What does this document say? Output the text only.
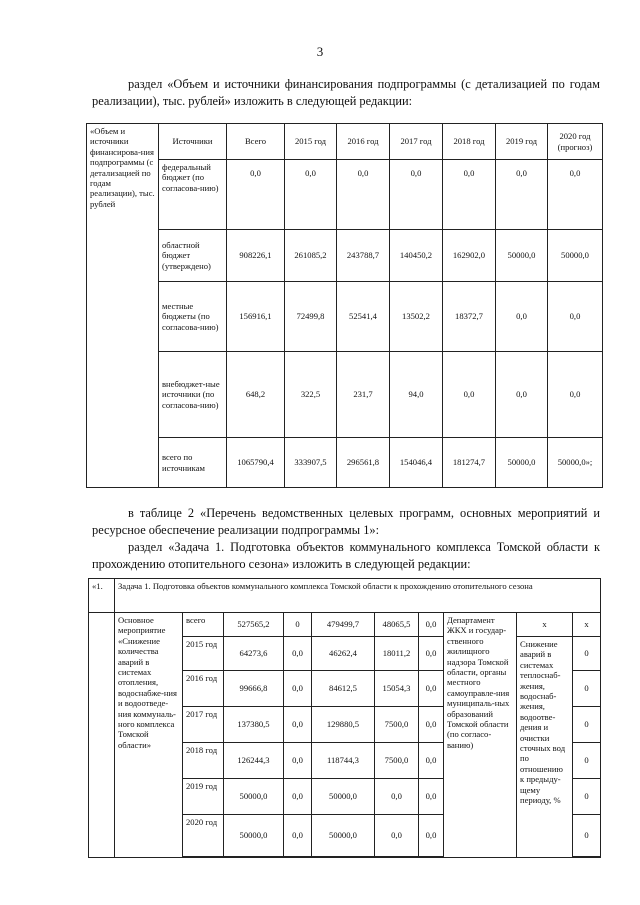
3
раздел «Объем и источники финансирования подпрограммы (с детализацией по годам реализации), тыс. рублей» изложить в следующей редакции:
«Объем и источники финансирова-ния подпрограммы (с детализацией по годам реализации), тыс. рублей	Источники	Всего	2015 год	2016 год	2017 год	2018 год	2019 год	2020 год (прогноз)
	федеральный бюджет (по согласова-нию)	0,0	0,0	0,0	0,0	0,0	0,0	0,0
	областной бюджет (утверждено)	908226,1	261085,2	243788,7	140450,2	162902,0	50000,0	50000,0
	местные бюджеты (по согласова-нию)	156916,1	72499,8	52541,4	13502,2	18372,7	0,0	0,0
	внебюджет-ные источники (по согласова-нию)	648,2	322,5	231,7	94,0	0,0	0,0	0,0
	всего по источникам	1065790,4	333907,5	296561,8	154046,4	181274,7	50000,0	50000,0»;
в таблице 2 «Перечень ведомственных целевых программ, основных мероприятий и ресурсное обеспечение реализации подпрограммы 1»:
раздел «Задача 1. Подготовка объектов коммунального комплекса Томской области к прохождению отопительного сезона» изложить в следующей редакции:
«1.	Задача 1. Подготовка объектов коммунального комплекса Томской области к прохождению отопительного сезона									
	Основное мероприятие «Снижение количества аварий в системах отопления, водоснабже-ния и водоотведе-ния коммуналь-ного комплекса Томской области»	всего	527565,2	0	479499,7	48065,5	0,0	Департамент ЖКХ и государ-ственного жилищного надзора Томской области, органы местного самоуправле-ния муниципаль-ных образований Томской области (по согласо-ванию)	x	x
		2015 год	64273,6	0,0	46262,4	18011,2	0,0		Снижение аварий в системах теплоснаб-жения, водоснаб-жения, водоотве-дения и очистки сточных вод по отношению к предыду-щему периоду, %	0
		2016 год	99666,8	0,0	84612,5	15054,3	0,0			0
		2017 год	137380,5	0,0	129880,5	7500,0	0,0			0
		2018 год	126244,3	0,0	118744,3	7500,0	0,0			0
		2019 год	50000,0	0,0	50000,0	0,0	0,0			0
		2020 год	50000,0	0,0	50000,0	0,0	0,0			0
